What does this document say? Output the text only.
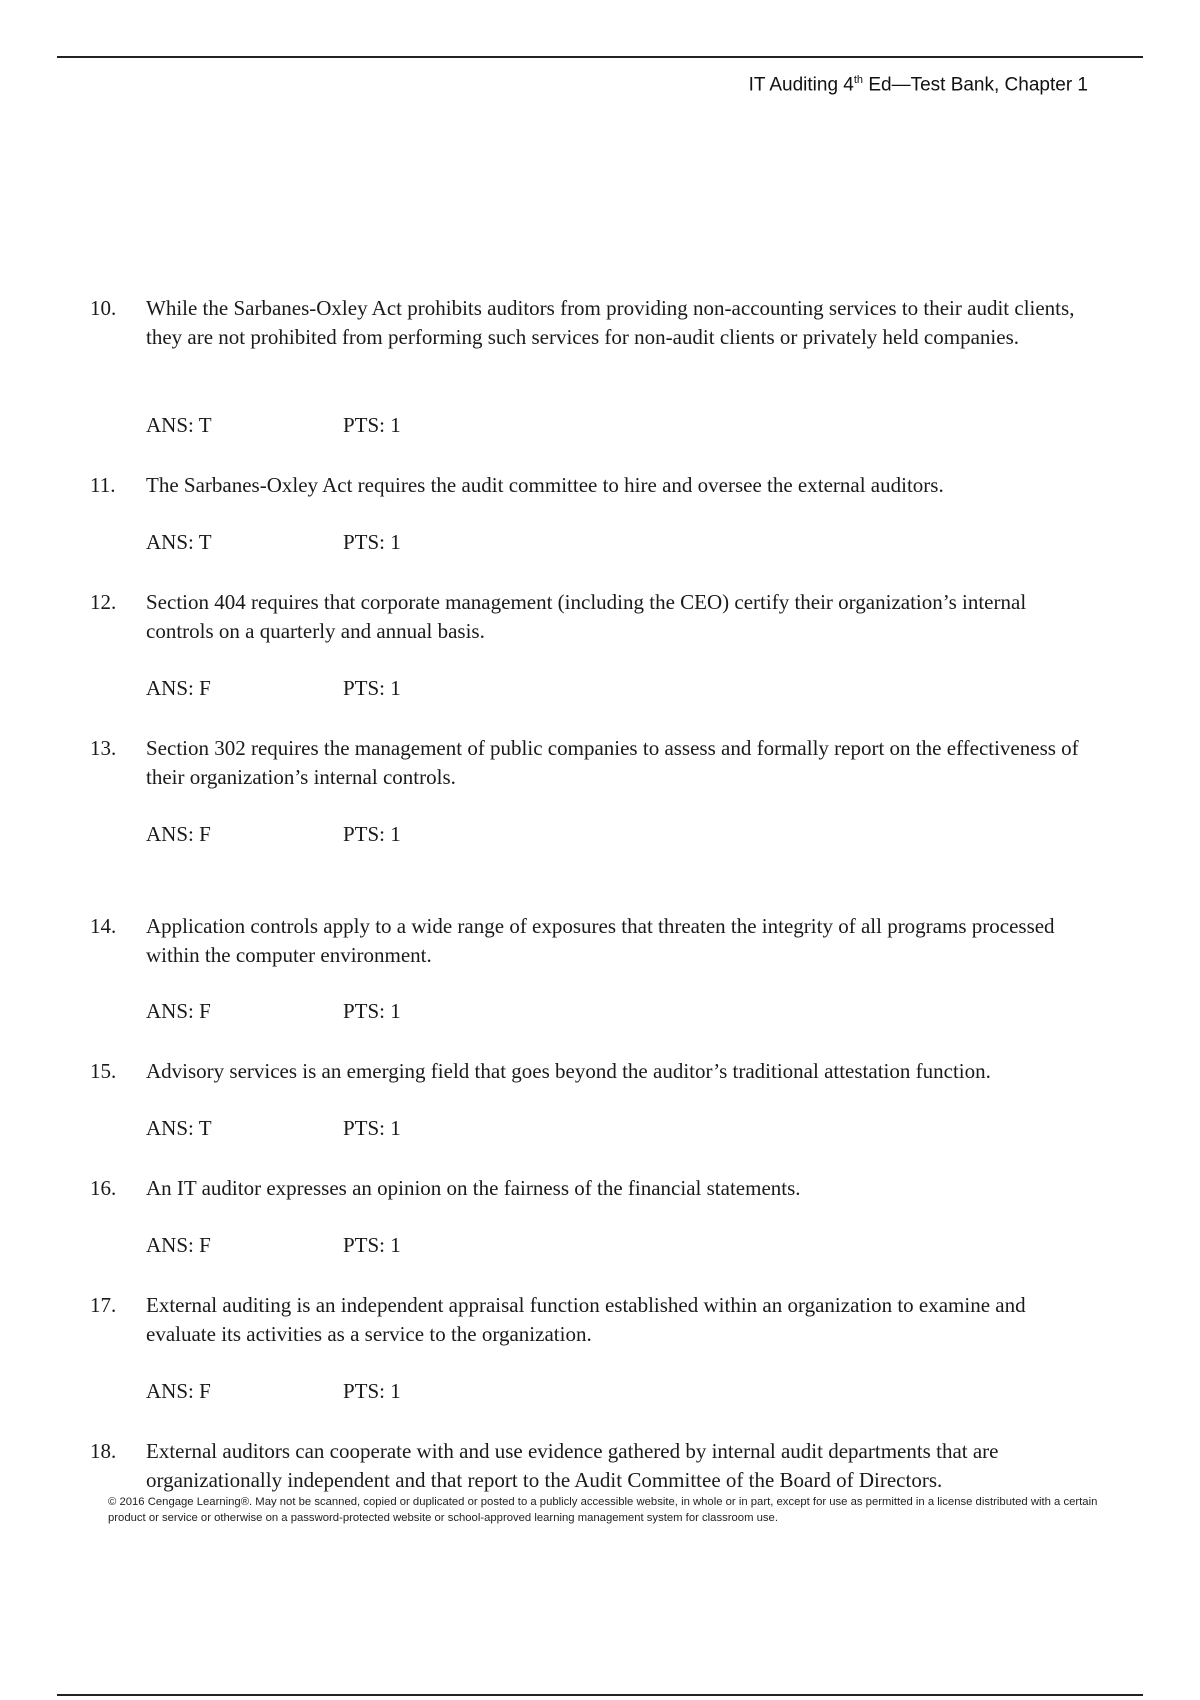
IT Auditing 4th Ed—Test Bank, Chapter 1
10.	While the Sarbanes-Oxley Act prohibits auditors from providing non-accounting services to their audit clients, they are not prohibited from performing such services for non-audit clients or privately held companies.
ANS: T	PTS: 1
11.	The Sarbanes-Oxley Act requires the audit committee to hire and oversee the external auditors.
ANS: T	PTS: 1
12.	Section 404 requires that corporate management (including the CEO) certify their organization’s internal controls on a quarterly and annual basis.
ANS: F	PTS: 1
13.	Section 302 requires the management of public companies to assess and formally report on the effectiveness of their organization’s internal controls.
ANS: F	PTS: 1
14.	Application controls apply to a wide range of exposures that threaten the integrity of all programs processed within the computer environment.
ANS: F	PTS: 1
15.	Advisory services is an emerging field that goes beyond the auditor’s traditional attestation function.
ANS: T	PTS: 1
16.	An IT auditor expresses an opinion on the fairness of the financial statements.
ANS: F	PTS: 1
17.	External auditing is an independent appraisal function established within an organization to examine and evaluate its activities as a service to the organization.
ANS: F	PTS: 1
18.	External auditors can cooperate with and use evidence gathered by internal audit departments that are organizationally independent and that report to the Audit Committee of the Board of Directors.
© 2016 Cengage Learning®. May not be scanned, copied or duplicated or posted to a publicly accessible website, in whole or in part, except for use as permitted in a license distributed with a certain product or service or otherwise on a password-protected website or school-approved learning management system for classroom use.
